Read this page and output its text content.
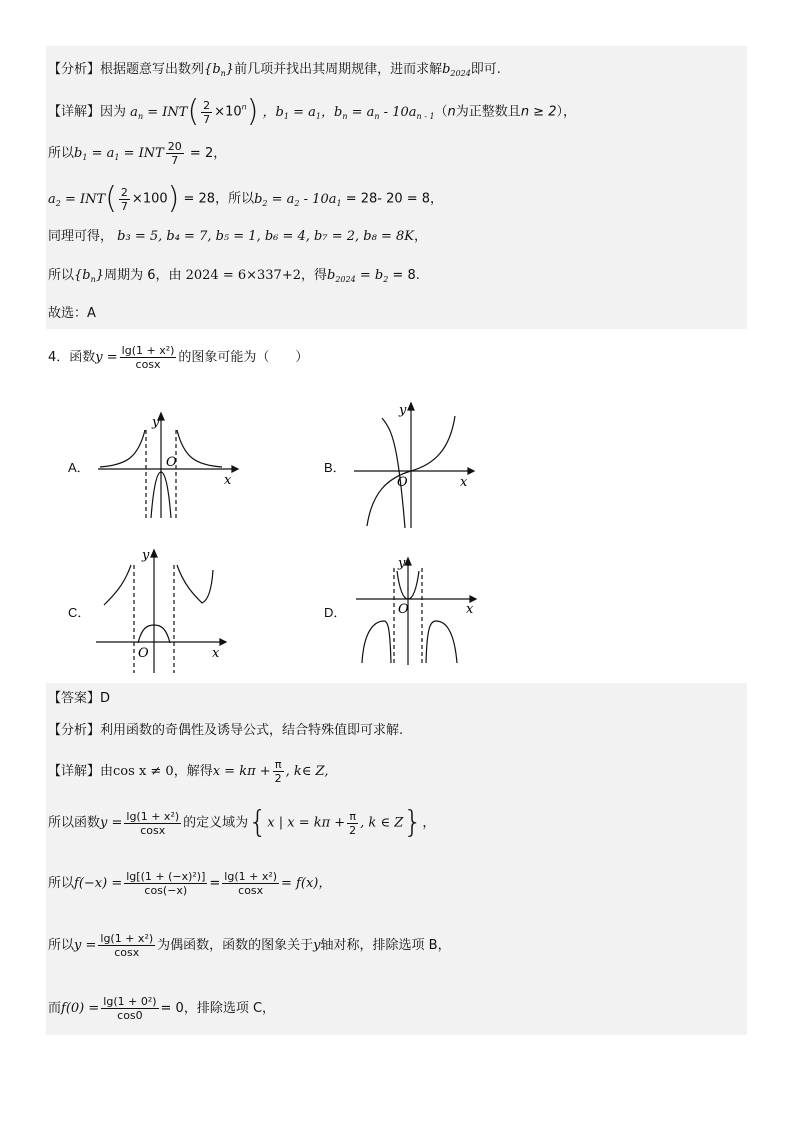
【分析】根据题意写出数列$\{b_n\}$前几项并找出其周期规律，进而求解$b_{2024}$即可.
【详解】因为 $a_n = INT( \frac{2}{7} \times 10^n)$ ，$b_1 = a_1$，$b_n = a_n - 10a_{n - 1}(n$为正整数且n ≥ 2），
所以$b_1 = a_1$ = INT $\frac{20}{7} = 2$，
$a_2 = INT( \frac{2}{7} \times 100) = 28$，所以$b_2 = a_2 - 10a_1 = 28-$ 20 = 8，
同理可得， b₃ = 5, b₄ = 7, b₅ = 1, b₆ = 4, b₇ = 2, b₈ = 8K，
所以$\{b_n\}$周期为 6，由 2024 = 6×337+2，得$b_{2024} = b_2 = 8$.
故选：A
4．函数$y = \frac{\text{lg(1 + x²)}}{\cos x}$ 的图象可能为（　　）
A．	B．
C．	D．
y
O
x
y
O	x
y
O	x
y
O	x
【答案】D
【分析】利用函数的奇偶性及诱导公式，结合特殊值即可求解.
【详解】由cos x ≠ 0，解得$x = k\pi + \frac{\pi}{2}$ , k∈ Z,
所以函数$y = \frac{\text{lg(1 + x²)}}{\cos x}$ 的定义域为{x | $x = k\pi + \frac{\pi}{2}$ , k ∈ Z}，
所以$f(-x) = \frac{\text{lg[(1 + (−x)²)]}}{\cos(-x)} = \frac{\text{lg(1 + x²)}}{\cos x} = f(x)$，
所以$y = \frac{\text{lg(1 + x²)}}{\cos x}$ 为偶函数，函数的图象关于y轴对称，排除选项 B，
而$f(0) = \frac{\text{lg(1 + 0²)}}{\cos 0} = 0$，排除选项 C，
